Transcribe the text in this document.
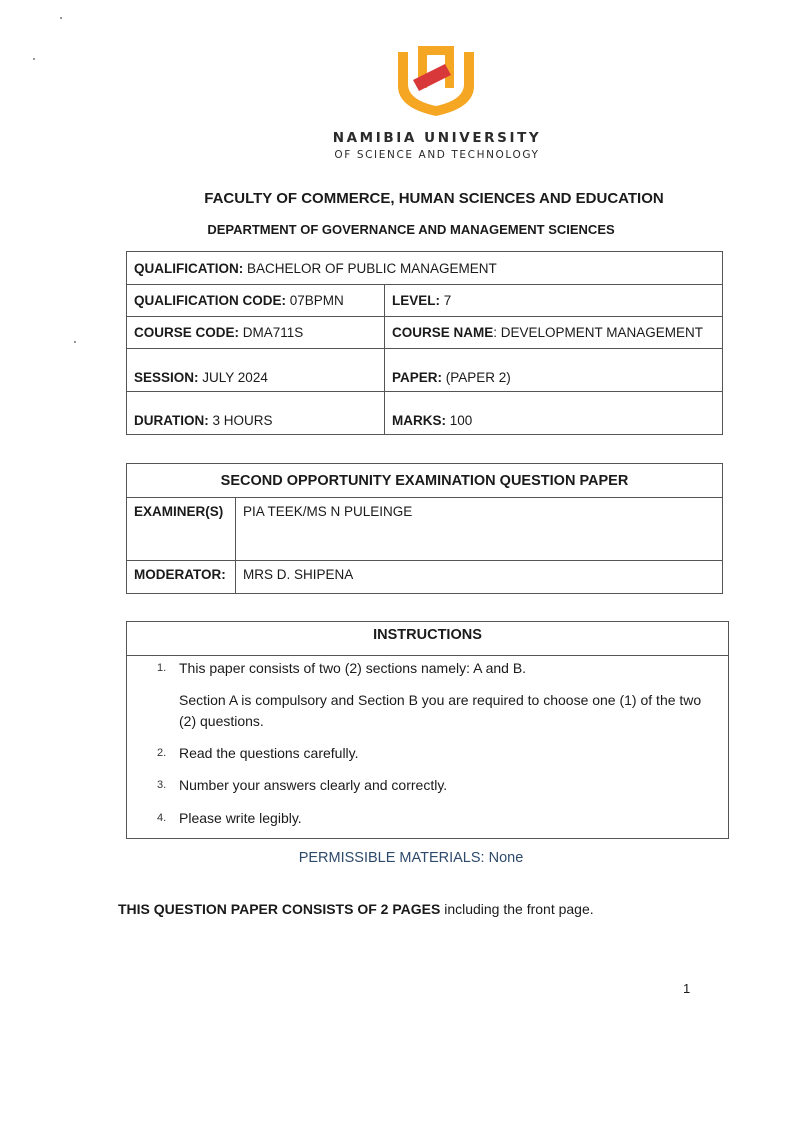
NAMIBIA UNIVERSITY
OF SCIENCE AND TECHNOLOGY
FACULTY OF COMMERCE, HUMAN SCIENCES AND EDUCATION
DEPARTMENT OF GOVERNANCE AND MANAGEMENT SCIENCES
QUALIFICATION: BACHELOR OF PUBLIC MANAGEMENT	
QUALIFICATION CODE: 07BPMN	LEVEL: 7
COURSE CODE: DMA711S	COURSE NAME: DEVELOPMENT MANAGEMENT
SESSION: JULY 2024	PAPER: (PAPER 2)
DURATION: 3 HOURS	MARKS: 100
SECOND OPPORTUNITY EXAMINATION QUESTION PAPER	
EXAMINER(S)	PIA TEEK/MS N PULEINGE
MODERATOR:	MRS D. SHIPENA
INSTRUCTIONS
1. This paper consists of two (2) sections namely: A and B.
Section A is compulsory and Section B you are required to choose one (1) of the two (2) questions.
2. Read the questions carefully.
3. Number your answers clearly and correctly.
4. Please write legibly.
PERMISSIBLE MATERIALS: None
THIS QUESTION PAPER CONSISTS OF 2 PAGES including the front page.
1
